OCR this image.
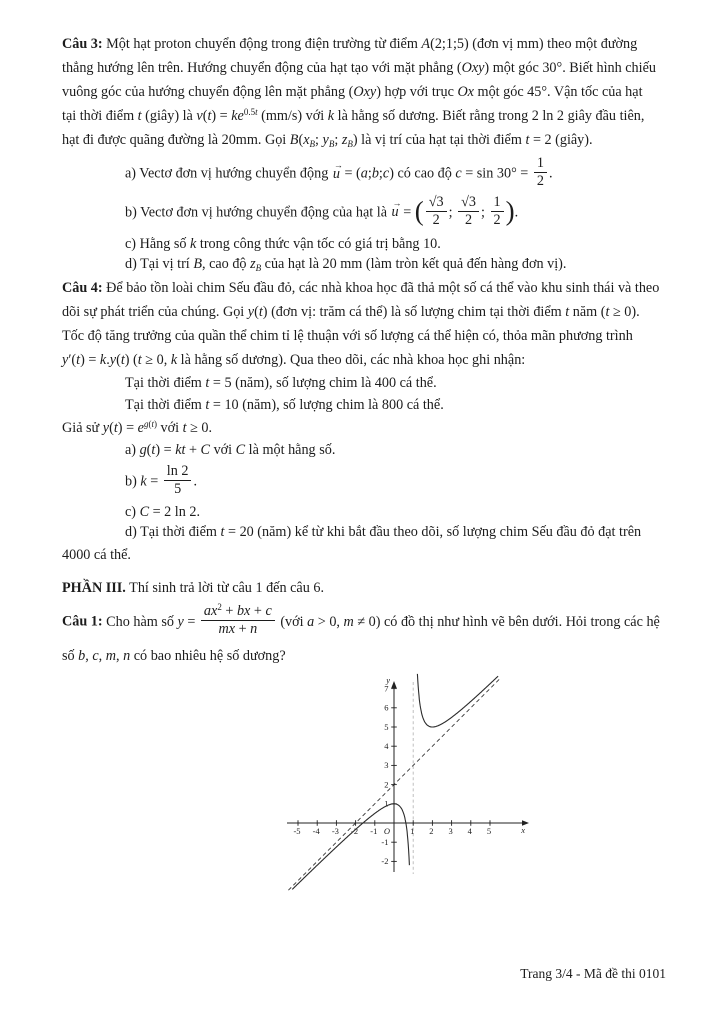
Câu 3: Một hạt proton chuyển động trong điện trường từ điểm A(2;1;5) (đơn vị mm) theo một đường
thẳng hướng lên trên. Hướng chuyển động của hạt tạo với mặt phẳng (Oxy) một góc 30°. Biết hình chiếu
vuông góc của hướng chuyển động lên mặt phẳng (Oxy) hợp với trục Ox một góc 45°. Vận tốc của hạt
tại thời điểm t (giây) là $v(t) = ke^{0.5t}$ (mm/s) với k là hằng số dương. Biết rằng trong 2 ln 2 giây đầu tiên,
hạt đi được quãng đường là 20mm. Gọi $B(x_B$; $y_B$; $z_B$) là vị trí của hạt tại thời điểm t = 2 (giây).
a) Vectơ đơn vị hướng chuyển động → u = (a;b;c) có cao độ $c = \sin 30^\circ = \frac{1}{2}$ .
b) Vectơ đơn vị hướng chuyển động của hạt là → u = ( $\frac{√3}{2}$ ; $\frac{√3}{2}$ ; $\frac{1}{2}$ ).
c) Hằng số k trong công thức vận tốc có giá trị bằng 10.
d) Tại vị trí B, cao độ $z_B$ của hạt là 20 mm (làm tròn kết quả đến hàng đơn vị).
Câu 4: Để bảo tồn loài chim Sếu đầu đỏ, các nhà khoa học đã thả một số cá thể vào khu sinh thái và theo
dõi sự phát triển của chúng. Gọi y(t) (đơn vị: trăm cá thể) là số lượng chim tại thời điểm t năm (t ≥ 0).
Tốc độ tăng trưởng của quần thể chim tỉ lệ thuận với số lượng cá thể hiện có, thỏa mãn phương trình
y′(t) = k.y(t) (t ≥ 0, k là hằng số dương). Qua theo dõi, các nhà khoa học ghi nhận:
Tại thời điểm t = 5 (năm), số lượng chim là 400 cá thể.
Tại thời điểm t = 10 (năm), số lượng chim là 800 cá thể.
Giả sử $y(t) = e^{g(t)}$ với t ≥ 0.
a) g(t) = kt + C với C là một hằng số.
b) $k = \frac{\ln 2}{5}$ .
c) C = 2 ln 2.
d) Tại thời điểm t = 20 (năm) kể từ khi bắt đầu theo dõi, số lượng chim Sếu đầu đỏ đạt trên
4000 cá thể.
PHẦN III. Thí sinh trả lời từ câu 1 đến câu 6.
Câu 1: Cho hàm số $y = \frac{ax^2 + bx + c}{mx + n}$ (với a > 0, m ≠ 0) có đồ thị như hình vẽ bên dưới. Hỏi trong các hệ
số b, c, m, n có bao nhiêu hệ số dương?
-5 -4 -3 -2 -1	1 2 3 4 5
-2
-1
1
2
3
4
5
6
7
O	x
y
Trang 3/4 - Mã đề thi 0101
